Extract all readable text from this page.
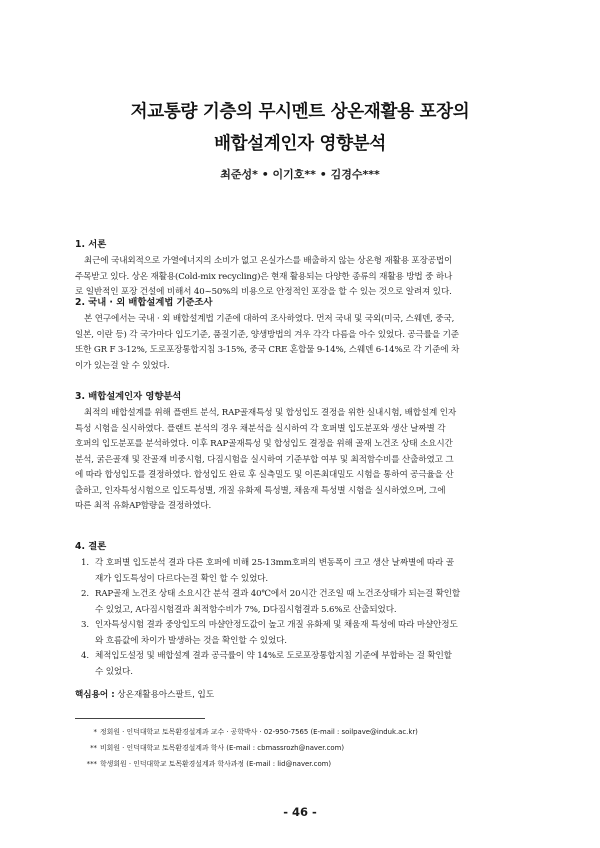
저교통량 기층의 무시멘트 상온재활용 포장의
배합설계인자 영향분석
최준성* • 이기호** • 김경수***
1. 서론
최근에 국내외적으로 가열에너지의 소비가 없고 온실가스를 배출하지 않는 상온형 재활용 포장공법이
주목받고 있다. 상온 재활용(Cold-mix recycling)은 현재 활용되는 다양한 종류의 재활용 방법 중 하나
로 일반적인 포장 건설에 비해서 40~50%의 비용으로 안정적인 포장을 할 수 있는 것으로 알려져 있다.
2. 국내 · 외 배합설계법 기준조사
본 연구에서는 국내 · 외 배합설계법 기준에 대하여 조사하였다. 먼저 국내 및 국외(미국, 스웨덴, 중국,
일본, 이란 등) 각 국가마다 입도기준, 품질기준, 양생방법의 겨우 각각 다름을 아수 있었다. 공극률을 기준
또한 GR F 3-12%, 도로포장통합지침 3-15%, 중국 CRE 혼합물 9-14%, 스웨덴 6-14%로 각 기준에 차
이가 있는걸 알 수 있었다.
3. 배합설계인자 영향분석
최적의 배합설계를 위해 플랜트 분석, RAP골재특성 및 합성입도 결정을 위한 실내시험, 배합설계 인자
특성 시험을 실시하였다. 플랜트 분석의 경우 채분석을 실시하여 각 호퍼별 입도분포와 생산 날짜별 각
호퍼의 입도분포를 분석하였다. 이후 RAP골재특성 및 합성입도 결정을 위해 골재 노건조 상태 소요시간
분석, 굵은골재 및 잔골재 비중시험, 다짐시험을 실시하여 기준부합 여부 및 최적함수비를 산출하였고 그
에 따라 합성입도를 결정하였다. 합성입도 완료 후 실측밀도 및 이론최대밀도 시험을 통하여 공극율을 산
출하고, 인자특성시험으로 입도특성별, 개질 유화제 특성별, 채움재 특성별 시험을 실시하였으며, 그에
따른 최적 유화AP함량을 결정하였다.
4. 결론
1. 각 호퍼별 입도분석 결과 다른 호퍼에 비해 25-13mm호퍼의 변동폭이 크고 생산 날짜별에 따라 골
재가 입도특성이 다르다는걸 확인 할 수 있었다.
2. RAP골재 노건조 상태 소요시간 분석 결과 40℃에서 20시간 건조일 때 노건조상태가 되는걸 확인할
수 있었고, A다짐시험결과 최적함수비가 7%, D다짐시험결과 5.6%로 산출되었다.
3. 인자특성시험 결과 중앙입도의 마샬안정도값이 높고 개질 유화제 및 채움재 특성에 따라 마샬안정도
와 흐름값에 차이가 발생하는 것을 확인할 수 있었다.
4. 체적입도설정 및 배합설계 결과 공극률이 약 14%로 도로포장통합지침 기준에 부합하는 걸 확인할
수 있었다.
핵심용어 : 상온재활용아스팔트, 입도
* 정회원 · 인덕대학교 토목환경설계과 교수 · 공학박사 · 02-950-7565 (E-mail : soilpave@induk.ac.kr)
** 비회원 · 인덕대학교 토목환경설계과 학사 (E-mail : cbmassrozh@naver.com)
*** 학생회원 · 인덕대학교 토목환경설계과 학사과정 (E-mail : lid@naver.com)
- 46 -
